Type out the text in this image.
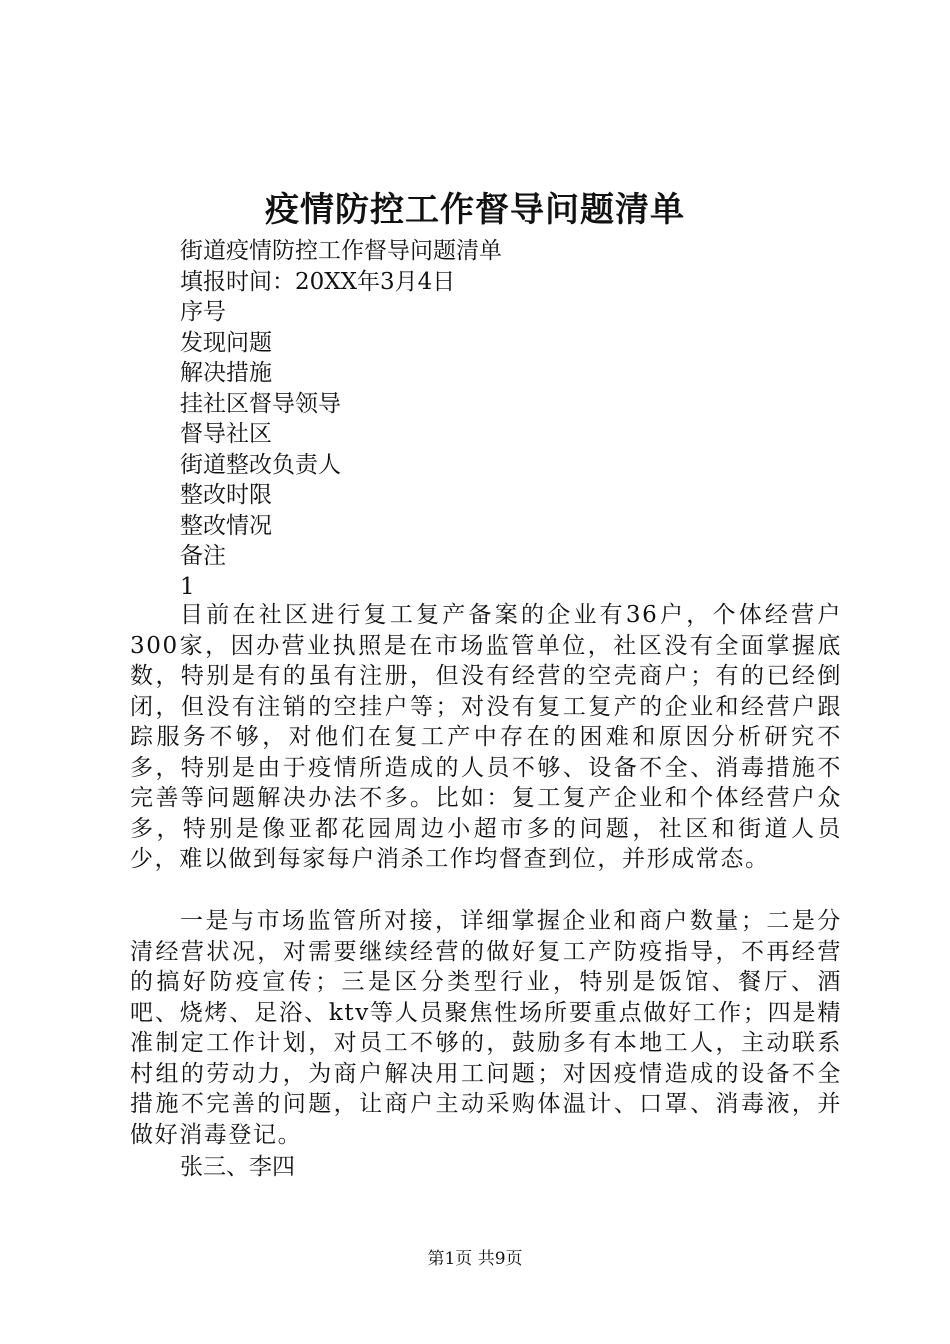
疫情防控工作督导问题清单
街道疫情防控工作督导问题清单
填报时间：20XX年3月4日
序号
发现问题
解决措施
挂社区督导领导
督导社区
街道整改负责人
整改时限
整改情况
备注
1

目前在社区进行复工复产备案的企业有36户，个体经营户300家，因办营业执照是在市场监管单位，社区没有全面掌握底数，特别是有的虽有注册，但没有经营的空壳商户；有的已经倒闭，但没有注销的空挂户等；对没有复工复产的企业和经营户跟踪服务不够，对他们在复工产中存在的困难和原因分析研究不多，特别是由于疫情所造成的人员不够、设备不全、消毒措施不完善等问题解决办法不多。比如：复工复产企业和个体经营户众多，特别是像亚都花园周边小超市多的问题，社区和街道人员少，难以做到每家每户消杀工作均督查到位，并形成常态。

一是与市场监管所对接，详细掌握企业和商户数量；二是分清经营状况，对需要继续经营的做好复工产防疫指导，不再经营的搞好防疫宣传；三是区分类型行业，特别是饭馆、餐厅、酒吧、烧烤、足浴、ktv等人员聚焦性场所要重点做好工作；四是精准制定工作计划，对员工不够的，鼓励多有本地工人，主动联系村组的劳动力，为商户解决用工问题；对因疫情造成的设备不全措施不完善的问题，让商户主动采购体温计、口罩、消毒液，并做好消毒登记。

张三、李四

第1页 共9页
